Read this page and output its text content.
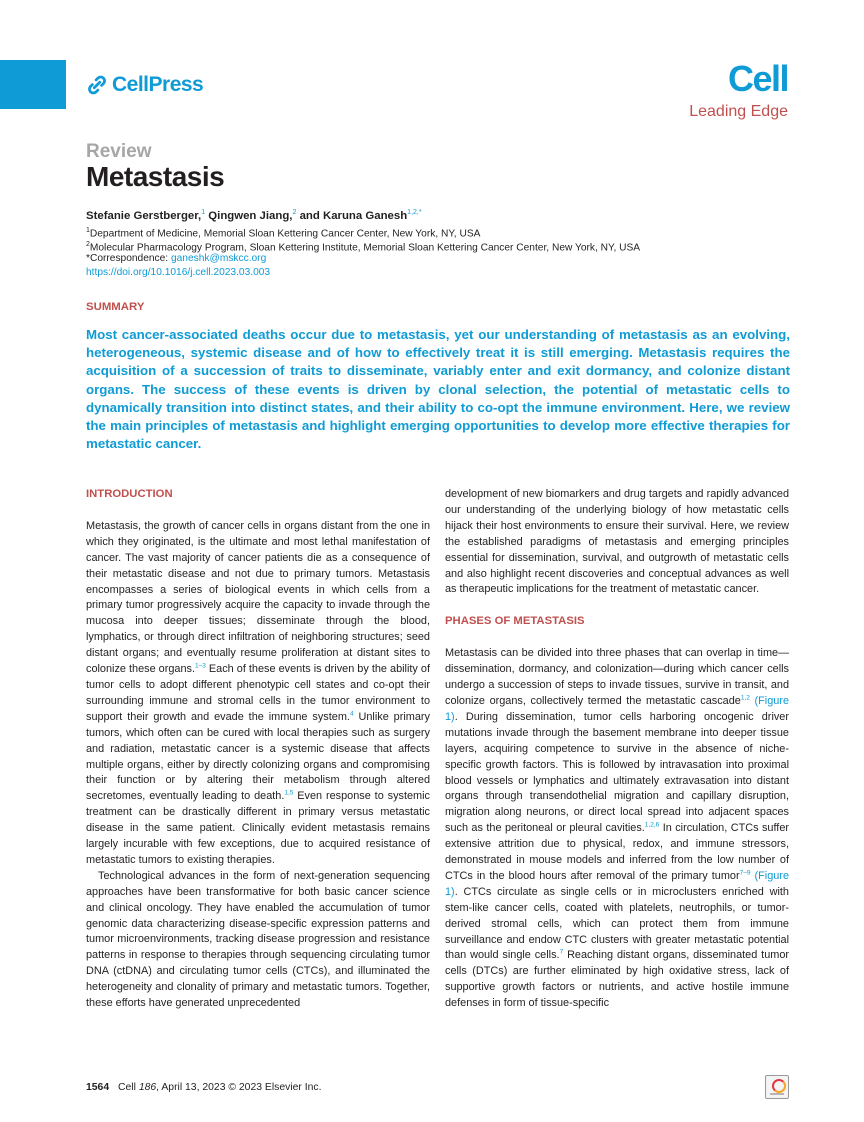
CellPress	Cell
Leading Edge
Review
Metastasis
Stefanie Gerstberger,$^1$ Qingwen Jiang,$^2$ and Karuna Ganesh$^{1,2,*}$
$^1$Department of Medicine, Memorial Sloan Kettering Cancer Center, New York, NY, USA
$^2$Molecular Pharmacology Program, Sloan Kettering Institute, Memorial Sloan Kettering Cancer Center, New York, NY, USA
*Correspondence: ganeshk@mskcc.org
https://doi.org/10.1016/j.cell.2023.03.003
SUMMARY
Most cancer-associated deaths occur due to metastasis, yet our understanding of metastasis as an evolving, heterogeneous, systemic disease and of how to effectively treat it is still emerging. Metastasis requires the acquisition of a succession of traits to disseminate, variably enter and exit dormancy, and colonize distant organs. The success of these events is driven by clonal selection, the potential of metastatic cells to dynamically transition into distinct states, and their ability to co-opt the immune environment. Here, we review the main principles of metastasis and highlight emerging opportunities to develop more effective therapies for metastatic cancer.
INTRODUCTION

Metastasis, the growth of cancer cells in organs distant from the one in which they originated, is the ultimate and most lethal manifestation of cancer. The vast majority of cancer patients die as a consequence of their metastatic disease and not due to primary tumors. Metastasis encompasses a series of biological events in which cells from a primary tumor progressively acquire the capacity to invade through the mucosa into deeper tissues; disseminate through the blood, lymphatics, or through direct infiltration of neighboring structures; seed distant organs; and eventually resume proliferation at distant sites to colonize these organs.$^{1-3}$ Each of these events is driven by the ability of tumor cells to adopt different phenotypic cell states and co-opt their surrounding immune and stromal cells in the tumor environment to support their growth and evade the immune system.$^4$ Unlike primary tumors, which often can be cured with local therapies such as surgery and radiation, metastatic cancer is a systemic disease that affects multiple organs, either by directly colonizing organs and compromising their function or by altering their metabolism through altered secretomes, eventually leading to death.$^{1,5}$ Even response to systemic treatment can be drastically different in primary versus metastatic disease in the same patient. Clinically evident metastasis remains largely incurable with few exceptions, due to acquired resistance of metastatic tumors to existing therapies.

Technological advances in the form of next-generation sequencing approaches have been transformative for both basic cancer science and clinical oncology. They have enabled the accumulation of tumor genomic data characterizing disease-specific expression patterns and tumor microenvironments, tracking disease progression and resistance patterns in response to therapies through sequencing circulating tumor DNA (ctDNA) and circulating tumor cells (CTCs), and illuminated the heterogeneity and clonality of primary and metastatic tumors. Together, these efforts have generated unprecedented

development of new biomarkers and drug targets and rapidly advanced our understanding of the underlying biology of how metastatic cells hijack their host environments to ensure their survival. Here, we review the established paradigms of metastasis and emerging principles essential for dissemination, survival, and outgrowth of metastatic cells and also highlight recent discoveries and conceptual advances as well as therapeutic implications for the treatment of metastatic cancer.

PHASES OF METASTASIS

Metastasis can be divided into three phases that can overlap in time—dissemination, dormancy, and colonization—during which cancer cells undergo a succession of steps to invade tissues, survive in transit, and colonize organs, collectively termed the metastatic cascade$^{1,2}$ (Figure 1). During dissemination, tumor cells harboring oncogenic driver mutations invade through the basement membrane into deeper tissue layers, acquiring competence to survive in the absence of niche-specific growth factors. This is followed by intravasation into proximal blood vessels or lymphatics and ultimately extravasation into distant organs through transendothelial migration and capillary disruption, migration along neurons, or direct local spread into adjacent spaces such as the peritoneal or pleural cavities.$^{1,2,6}$ In circulation, CTCs suffer extensive attrition due to physical, redox, and immune stressors, demonstrated in mouse models and inferred from the low number of CTCs in the blood hours after removal of the primary tumor$^{7-9}$ (Figure 1). CTCs circulate as single cells or in microclusters enriched with stem-like cancer cells, coated with platelets, neutrophils, or tumor-derived stromal cells, which can protect them from immune surveillance and endow CTC clusters with greater metastatic potential than would single cells.$^7$ Reaching distant organs, disseminated tumor cells (DTCs) are further eliminated by high oxidative stress, lack of supportive growth factors or nutrients, and active hostile immune defenses in form of tissue-specific

1564 Cell 186, April 13, 2023 © 2023 Elsevier Inc.
